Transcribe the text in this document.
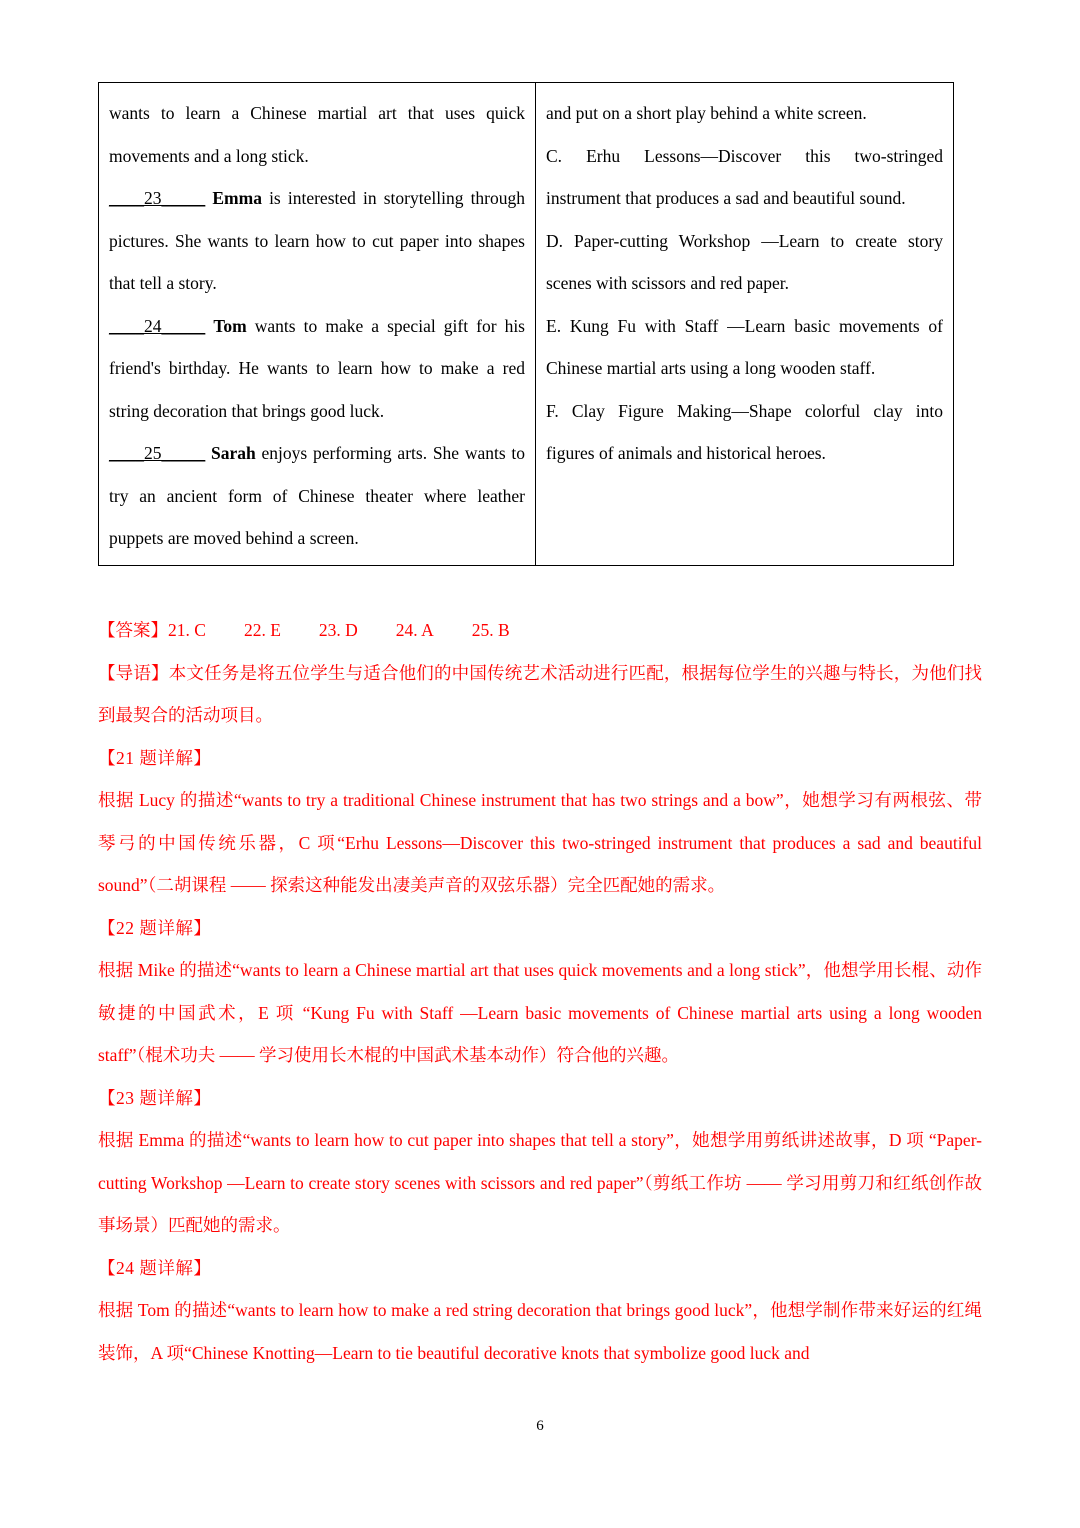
wants to learn a Chinese martial art that uses quick movements and a long stick.

____23_____ Emma is interested in storytelling through pictures. She wants to learn how to cut paper into shapes that tell a story.

____24_____ Tom wants to make a special gift for his friend's birthday. He wants to learn how to make a red string decoration that brings good luck.

____25_____ Sarah enjoys performing arts. She wants to try an ancient form of Chinese theater where leather puppets are moved behind a screen.

and put on a short play behind a white screen.

C. Erhu Lessons—Discover this two-stringed instrument that produces a sad and beautiful sound.

D. Paper-cutting Workshop —Learn to create story scenes with scissors and red paper.

E. Kung Fu with Staff —Learn basic movements of Chinese martial arts using a long wooden staff.

F. Clay Figure Making—Shape colorful clay into figures of animals and historical heroes.

【答案】21. C 22. E 23. D 24. A 25. B

【导语】本文任务是将五位学生与适合他们的中国传统艺术活动进行匹配，根据每位学生的兴趣与特长，为他们找到最契合的活动项目。

【21 题详解】

根据 Lucy 的描述“wants to try a traditional Chinese instrument that has two strings and a bow”，她想学习有两根弦、带琴弓的中国传统乐器，C 项“Erhu Lessons—Discover this two-stringed instrument that produces a sad and beautiful sound”（二胡课程 —— 探索这种能发出凄美声音的双弦乐器）完全匹配她的需求。

【22 题详解】

根据 Mike 的描述“wants to learn a Chinese martial art that uses quick movements and a long stick”，他想学用长棍、动作敏捷的中国武术，E 项 “Kung Fu with Staff —Learn basic movements of Chinese martial arts using a long wooden staff”（棍术功夫 —— 学习使用长木棍的中国武术基本动作）符合他的兴趣。

【23 题详解】

根据 Emma 的描述“wants to learn how to cut paper into shapes that tell a story”，她想学用剪纸讲述故事，D 项 “Paper-cutting Workshop —Learn to create story scenes with scissors and red paper”（剪纸工作坊 —— 学习用剪刀和红纸创作故事场景）匹配她的需求。

【24 题详解】

根据 Tom 的描述“wants to learn how to make a red string decoration that brings good luck”，他想学制作带来好运的红绳装饰，A 项“Chinese Knotting—Learn to tie beautiful decorative knots that symbolize good luck and

6
